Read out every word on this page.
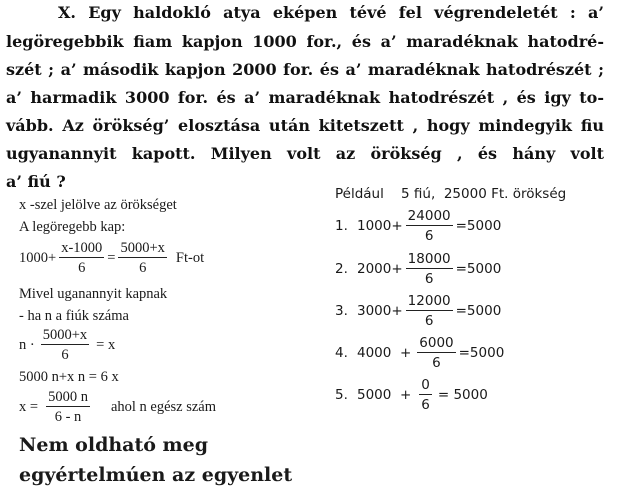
X. Egy haldokló atya eképen tévé fel végrendeletét : a’
legöregebbik fiam kapjon 1000 for., és a’ maradéknak hatodré-
szét ; a’ második kapjon 2000 for. és a’ maradéknak hatodrészét ;
a’ harmadik 3000 for. és a’ maradéknak hatodrészét , és igy to-
vább. Az örökség’ elosztása után kitetszett , hogy mindegyik fiu
ugyanannyit kapott. Milyen volt az örökség , és hány volt
a’ fiú ?
x -szel jelölve az örökséget
A legöregebb kap:
$1000+ \frac{x-1000}{6} = \frac{5000+x}{6} Ft-ot$
Mivel uganannyit kapnak
- ha n a fiúk száma
$n \cdot \frac{5000+x}{6} = x$
5000 n+x n = 6 x
$x = \frac{5000 n}{6 - n}$ ahol n egész szám
Nem oldható meg
egyértelmúen az egyenlet
Például    5 fiú,  25000 Ft. örökség
1. $1000+ \frac{24000}{6} =5000$
2. $2000+ \frac{18000}{6} =5000$
3. $3000+ \frac{12000}{6} =5000$
4. $4000 + \frac{6000}{6} =5000$
5. $5000 + \frac{0}{6} = 5000$
